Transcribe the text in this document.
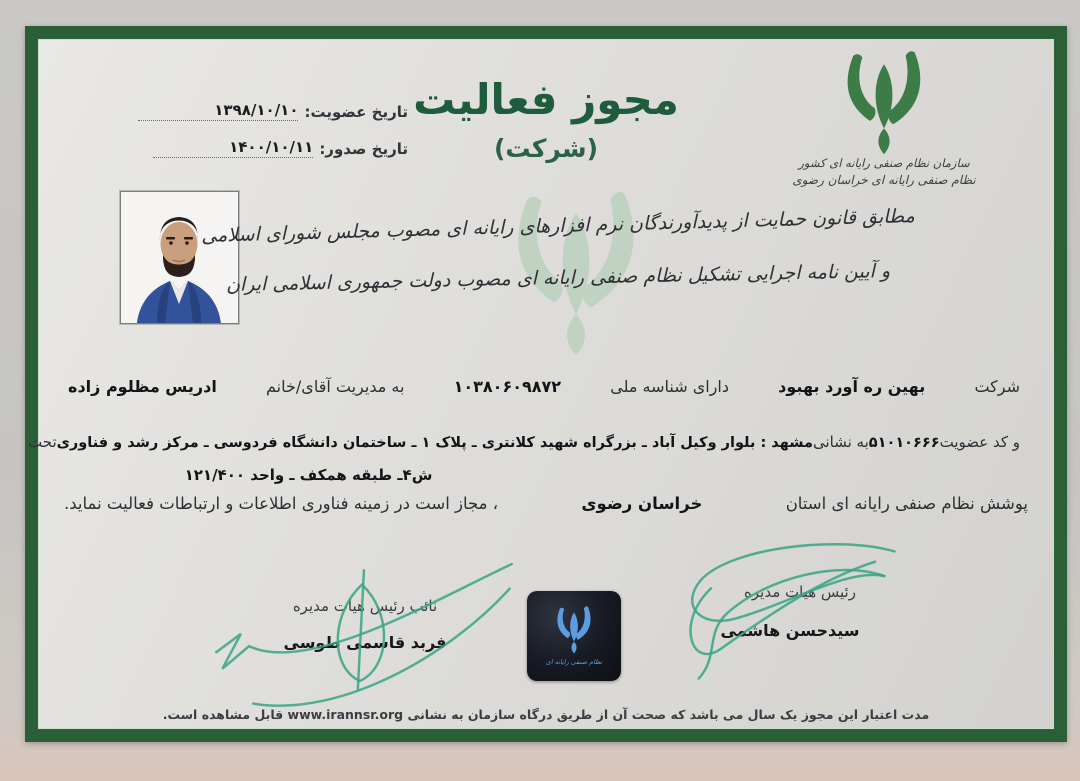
سازمان نظام صنفی رایانه ای کشور
نظام صنفی رایانه ای خراسان رضوی
تاریخ عضویت:
۱۳۹۸/۱۰/۱۰
تاریخ صدور:
۱۴۰۰/۱۰/۱۱
مجوز فعالیت
(شرکت)
مطابق قانون حمایت از پدیدآورندگان نرم افزارهای رایانه ای مصوب مجلس شورای اسلامی
و آیین نامه اجرایی تشکیل نظام صنفی رایانه ای مصوب دولت جمهوری اسلامی ایران
شرکت
بهین ره آورد بهبود
دارای شناسه ملی
۱۰۳۸۰۶۰۹۸۷۲
به مدیریت آقای/خانم
ادریس مظلوم زاده
و کد عضویت
۵۱۰۱۰۶۶۶
به نشانی
مشهد : بلوار وکیل آباد ـ بزرگراه شهید کلانتری ـ پلاک ۱ ـ ساختمان دانشگاه فردوسی ـ مرکز رشد و فناوری
تحت
ش۴ـ طبقه همکف ـ واحد ۱۲۱/۴۰۰
پوشش نظام صنفی رایانه ای استان
خراسان رضوی
، مجاز است در زمینه فناوری اطلاعات و ارتباطات فعالیت نماید.
رئیس هیات مدیره
سیدحسن هاشمی
نائب رئیس هیات مدیره
فربد قاسمی طوسی
نظام صنفی رایانه ای
مدت اعتبار این مجوز یک سال می باشد که صحت آن از طریق درگاه سازمان به نشانی www.irannsr.org قابل مشاهده است.
